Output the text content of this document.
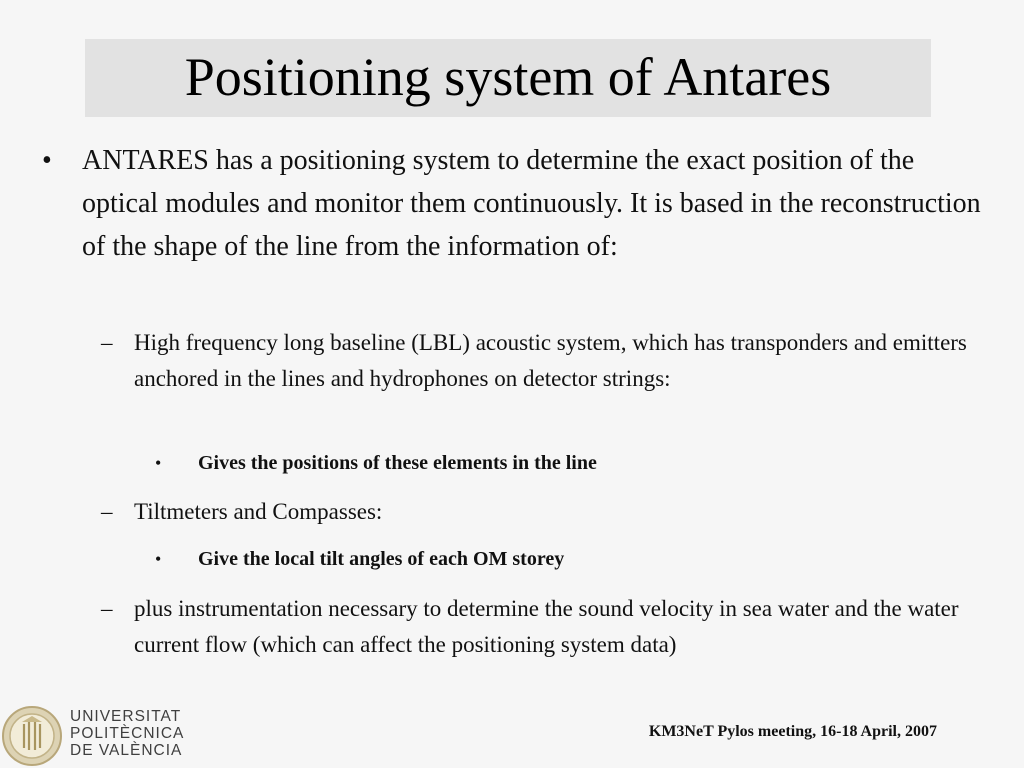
Positioning system of Antares
• ANTARES has a positioning system to determine the exact position of the optical modules and monitor them continuously. It is based in the reconstruction of the shape of the line from the information of:
– High frequency long baseline (LBL) acoustic system, which has transponders and emitters anchored in the lines and hydrophones on detector strings:
• Gives the positions of these elements in the line
– Tiltmeters and Compasses:
• Give the local tilt angles of each OM storey
– plus instrumentation necessary to determine the sound velocity in sea water and the water current flow (which can affect the positioning system data)
UNIVERSITAT
POLITÈCNICA
DE VALÈNCIA
KM3NeT Pylos meeting, 16-18 April, 2007
